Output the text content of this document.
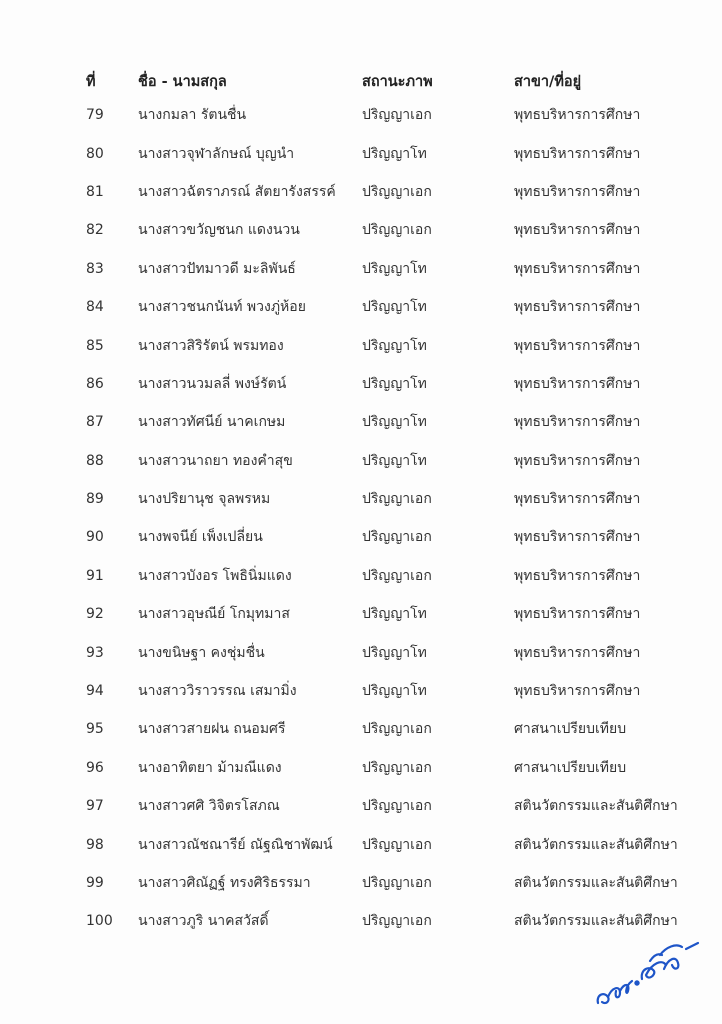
ที่	ชื่อ - นามสกุล	สถานะภาพ	สาขา/ที่อยู่
79	นางกมลา รัตนชื่น	ปริญญาเอก	พุทธบริหารการศึกษา
80	นางสาวจุฬาลักษณ์ บุญนำ	ปริญญาโท	พุทธบริหารการศึกษา
81	นางสาวฉัตราภรณ์ สัตยารังสรรค์	ปริญญาเอก	พุทธบริหารการศึกษา
82	นางสาวขวัญชนก แดงนวน	ปริญญาเอก	พุทธบริหารการศึกษา
83	นางสาวปัทมาวดี มะลิพันธ์	ปริญญาโท	พุทธบริหารการศึกษา
84	นางสาวชนกนันท์ พวงภู่ห้อย	ปริญญาโท	พุทธบริหารการศึกษา
85	นางสาวสิริรัตน์ พรมทอง	ปริญญาโท	พุทธบริหารการศึกษา
86	นางสาวนวมลลี่ พงษ์รัตน์	ปริญญาโท	พุทธบริหารการศึกษา
87	นางสาวทัศนีย์ นาคเกษม	ปริญญาโท	พุทธบริหารการศึกษา
88	นางสาวนาถยา ทองคำสุข	ปริญญาโท	พุทธบริหารการศึกษา
89	นางปริยานุช จุลพรหม	ปริญญาเอก	พุทธบริหารการศึกษา
90	นางพจนีย์ เพ็งเปลี่ยน	ปริญญาเอก	พุทธบริหารการศึกษา
91	นางสาวบังอร โพธินิ่มแดง	ปริญญาเอก	พุทธบริหารการศึกษา
92	นางสาวอุษณีย์ โกมุทมาส	ปริญญาโท	พุทธบริหารการศึกษา
93	นางขนิษฐา คงชุ่มชื่น	ปริญญาโท	พุทธบริหารการศึกษา
94	นางสาววิราวรรณ เสมามิ่ง	ปริญญาโท	พุทธบริหารการศึกษา
95	นางสาวสายฝน ถนอมศรี	ปริญญาเอก	ศาสนาเปรียบเทียบ
96	นางอาทิตยา ม้ามณีแดง	ปริญญาเอก	ศาสนาเปรียบเทียบ
97	นางสาวศศิ วิจิตรโสภณ	ปริญญาเอก	สตินวัตกรรมและสันติศึกษา
98	นางสาวณัชณารีย์ ณัฐณิชาพัฒน์	ปริญญาเอก	สตินวัตกรรมและสันติศึกษา
99	นางสาวศิณัฏฐ์ ทรงศิริธรรมา	ปริญญาเอก	สตินวัตกรรมและสันติศึกษา
100	นางสาวภูริ นาคสวัสดิ์	ปริญญาเอก	สตินวัตกรรมและสันติศึกษา
